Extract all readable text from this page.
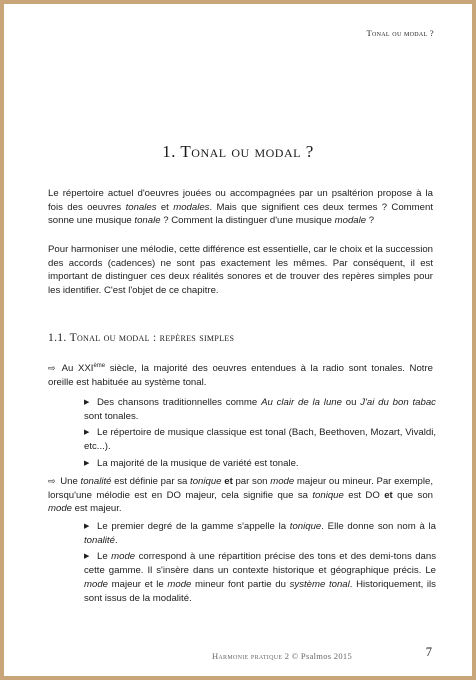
Tonal ou modal ?
1. Tonal ou modal ?
Le répertoire actuel d'oeuvres jouées ou accompagnées par un psaltérion propose à la fois des oeuvres tonales et modales. Mais que signifient ces deux termes ? Comment sonne une musique tonale ? Comment la distinguer d'une musique modale ?
Pour harmoniser une mélodie, cette différence est essentielle, car le choix et la succession des accords (cadences) ne sont pas exactement les mêmes. Par conséquent, il est important de distinguer ces deux réalités sonores et de trouver des repères simples pour les identifier. C'est l'objet de ce chapitre.
1.1. Tonal ou modal : repères simples
⇨ Au XXIème siècle, la majorité des oeuvres entendues à la radio sont tonales. Notre oreille est habituée au système tonal.
▶ Des chansons traditionnelles comme Au clair de la lune ou J'ai du bon tabac sont tonales.
▶ Le répertoire de musique classique est tonal (Bach, Beethoven, Mozart, Vivaldi, etc...).
▶ La majorité de la musique de variété est tonale.
⇨ Une tonalité est définie par sa tonique et par son mode majeur ou mineur. Par exemple, lorsqu'une mélodie est en DO majeur, cela signifie que sa tonique est DO et que son mode est majeur.
▶ Le premier degré de la gamme s'appelle la tonique. Elle donne son nom à la tonalité.
▶ Le mode correspond à une répartition précise des tons et des demi-tons dans cette gamme. Il s'insère dans un contexte historique et géographique précis. Le mode majeur et le mode mineur font partie du système tonal. Historiquement, ils sont issus de la modalité.
Harmonie pratique 2 © Psalmos 2015	7
